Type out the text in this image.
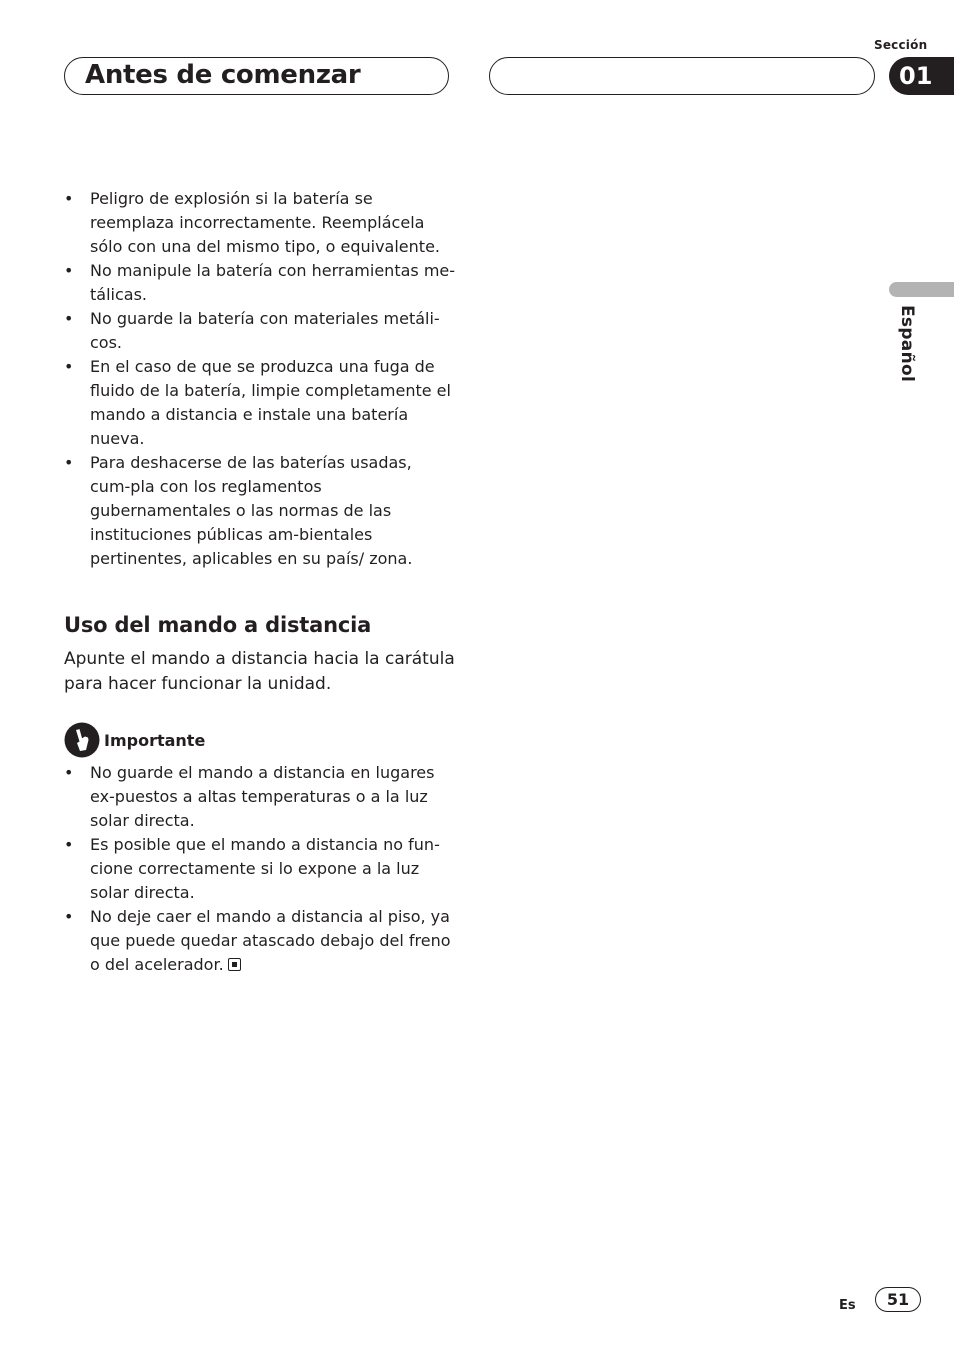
Sección
Antes de comenzar	01
Español
• Peligro de explosión si la batería se reemplaza incorrectamente. Reemplácela sólo con una del mismo tipo, o equivalente.
• No manipule la batería con herramientas me-tálicas.
• No guarde la batería con materiales metáli-cos.
• En el caso de que se produzca una fuga de fluido de la batería, limpie completamente el mando a distancia e instale una batería nueva.
• Para deshacerse de las baterías usadas, cum-pla con los reglamentos gubernamentales o las normas de las instituciones públicas am-bientales pertinentes, aplicables en su país/ zona.
Uso del mando a distancia
Apunte el mando a distancia hacia la carátula para hacer funcionar la unidad.
Importante
• No guarde el mando a distancia en lugares ex-puestos a altas temperaturas o a la luz solar directa.
• Es posible que el mando a distancia no fun-cione correctamente si lo expone a la luz solar directa.
• No deje caer el mando a distancia al piso, ya que puede quedar atascado debajo del freno o del acelerador.
Es	51
